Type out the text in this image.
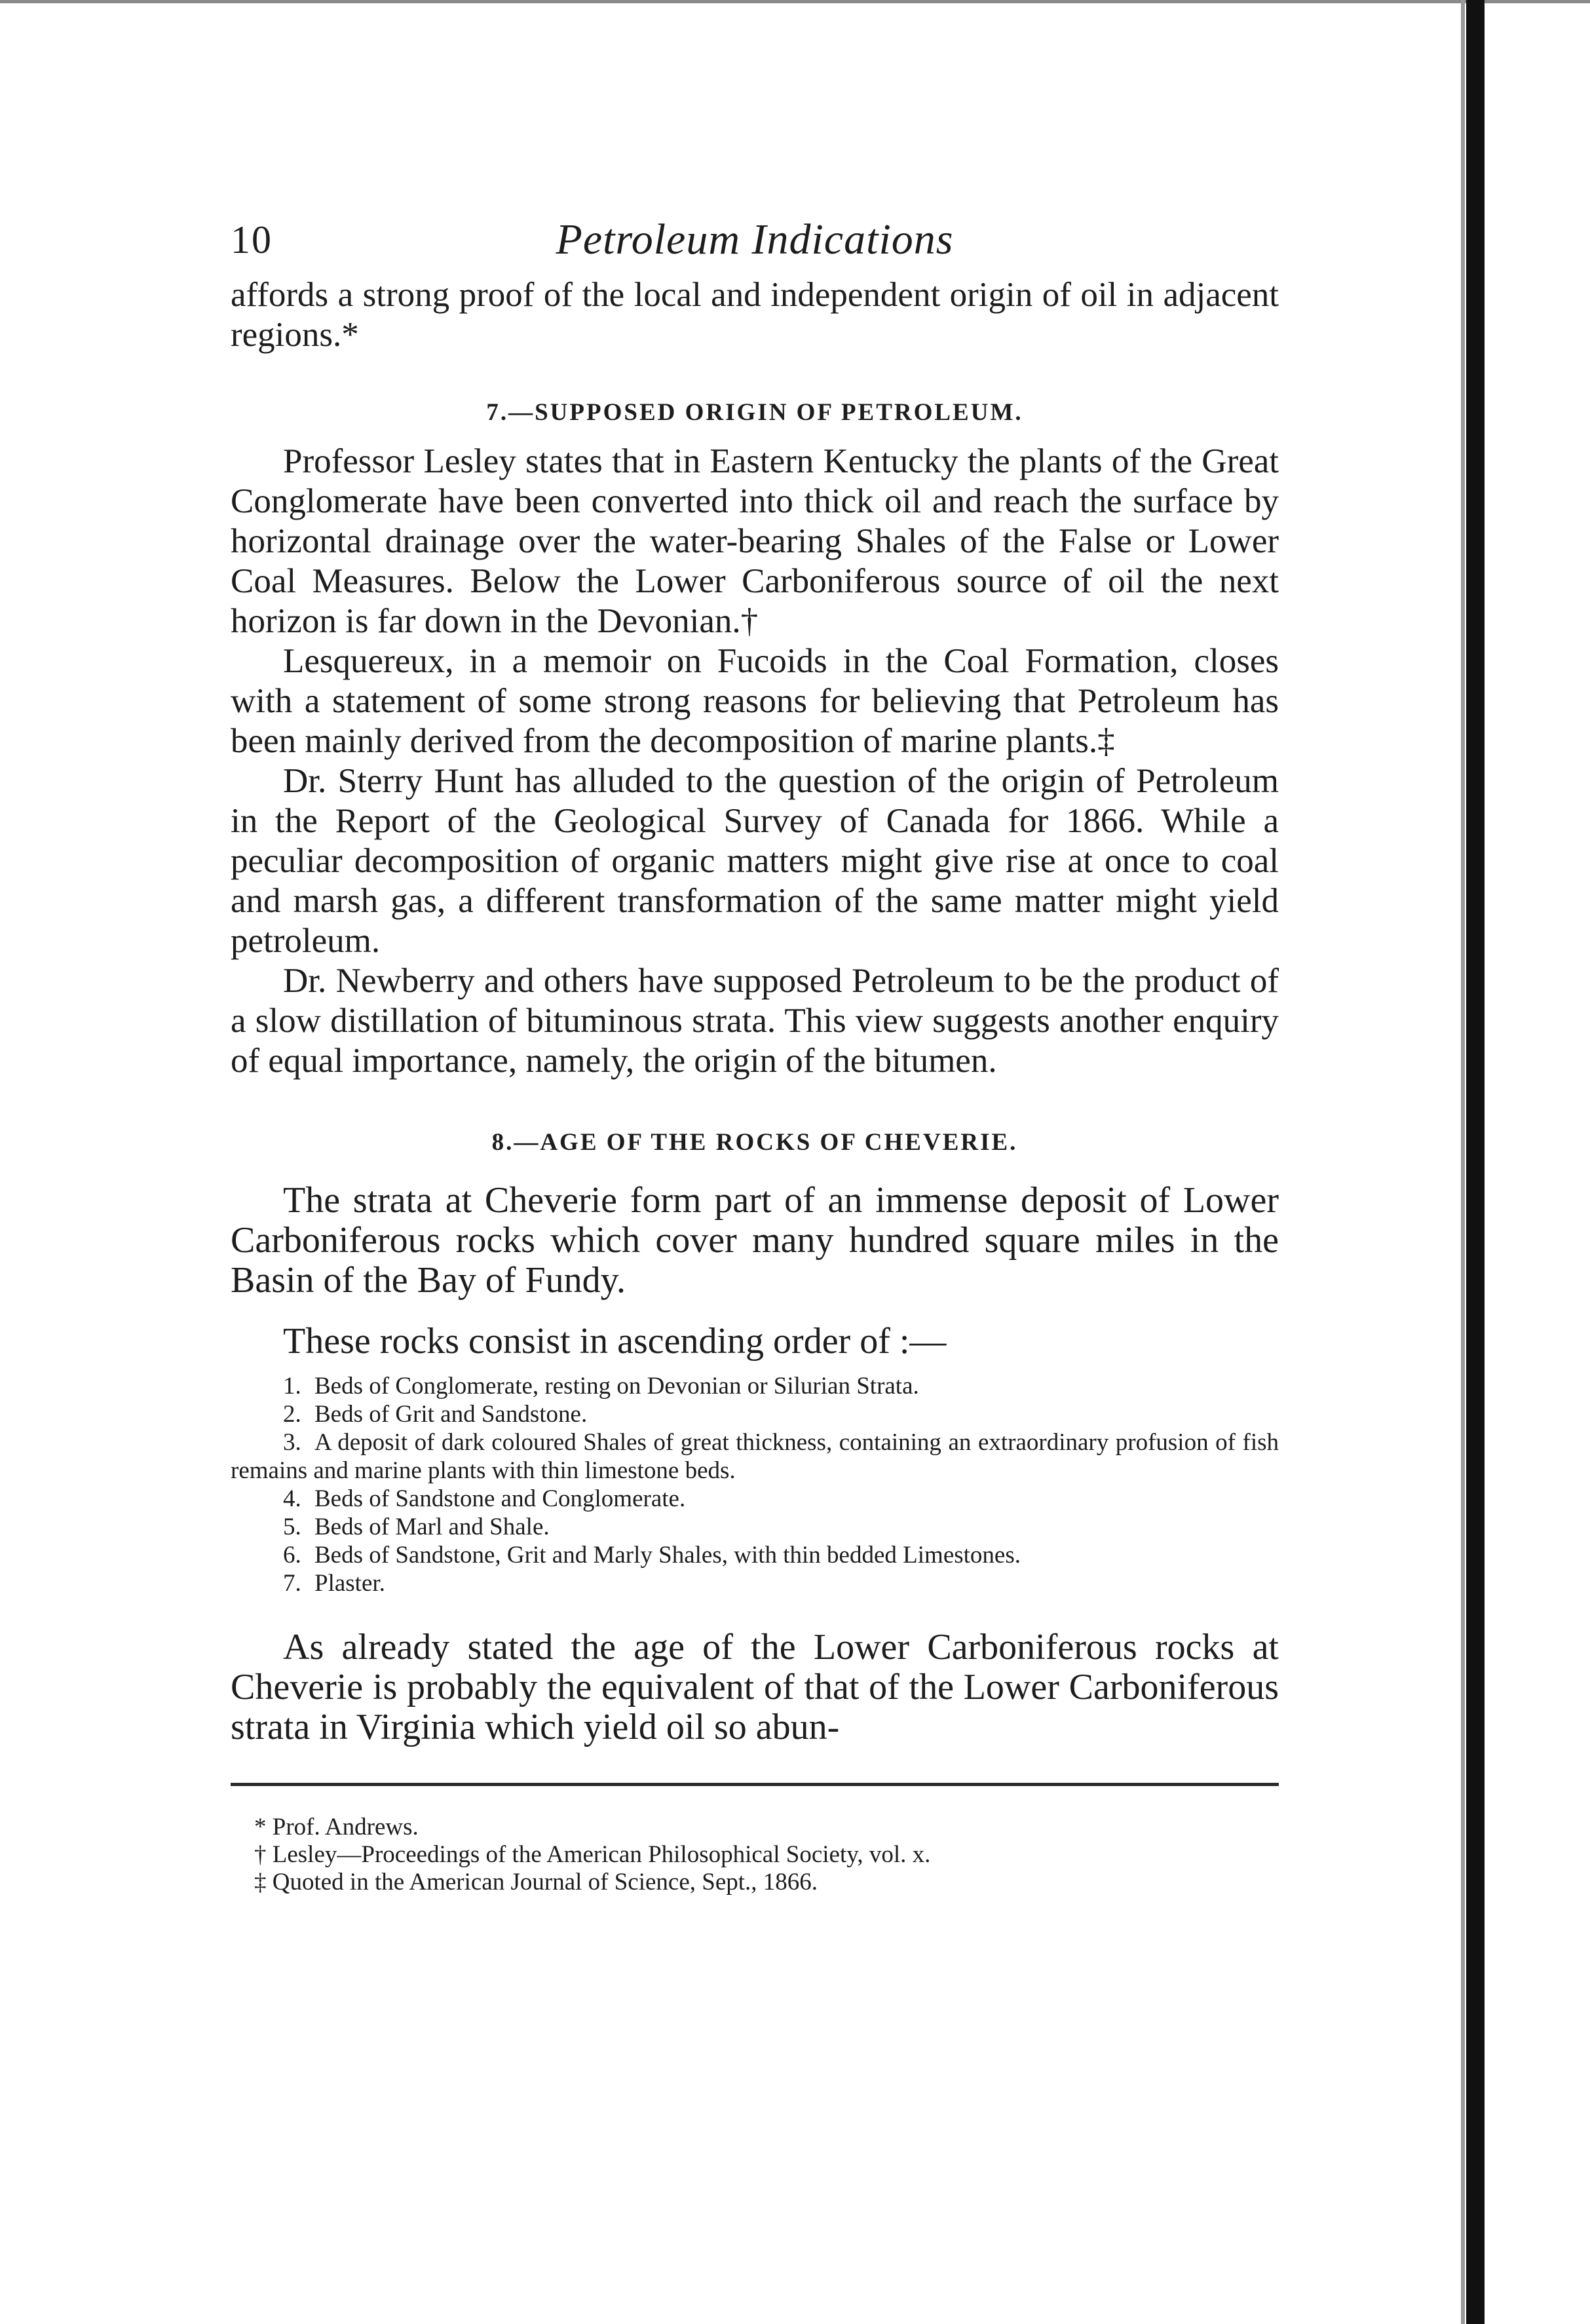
10	Petroleum Indications

affords a strong proof of the local and independent origin of oil in adjacent regions.*

7.—SUPPOSED ORIGIN OF PETROLEUM.

Professor Lesley states that in Eastern Kentucky the plants of the Great Conglomerate have been converted into thick oil and reach the surface by horizontal drainage over the water-bearing Shales of the False or Lower Coal Measures. Below the Lower Carboniferous source of oil the next horizon is far down in the Devonian.†

Lesquereux, in a memoir on Fucoids in the Coal Formation, closes with a statement of some strong reasons for believing that Petroleum has been mainly derived from the decomposition of marine plants.‡

Dr. Sterry Hunt has alluded to the question of the origin of Petroleum in the Report of the Geological Survey of Canada for 1866. While a peculiar decomposition of organic matters might give rise at once to coal and marsh gas, a different transformation of the same matter might yield petroleum.

Dr. Newberry and others have supposed Petroleum to be the product of a slow distillation of bituminous strata. This view suggests another enquiry of equal importance, namely, the origin of the bitumen.

8.—AGE OF THE ROCKS OF CHEVERIE.

The strata at Cheverie form part of an immense deposit of Lower Carboniferous rocks which cover many hundred square miles in the Basin of the Bay of Fundy.

These rocks consist in ascending order of :—

1. Beds of Conglomerate, resting on Devonian or Silurian Strata.
2. Beds of Grit and Sandstone.
3. A deposit of dark coloured Shales of great thickness, containing an extraordinary profusion of fish remains and marine plants with thin limestone beds.
4. Beds of Sandstone and Conglomerate.
5. Beds of Marl and Shale.
6. Beds of Sandstone, Grit and Marly Shales, with thin bedded Limestones.
7. Plaster.

As already stated the age of the Lower Carboniferous rocks at Cheverie is probably the equivalent of that of the Lower Carboniferous strata in Virginia which yield oil so abun-

* Prof. Andrews.
† Lesley—Proceedings of the American Philosophical Society, vol. x.
‡ Quoted in the American Journal of Science, Sept., 1866.
